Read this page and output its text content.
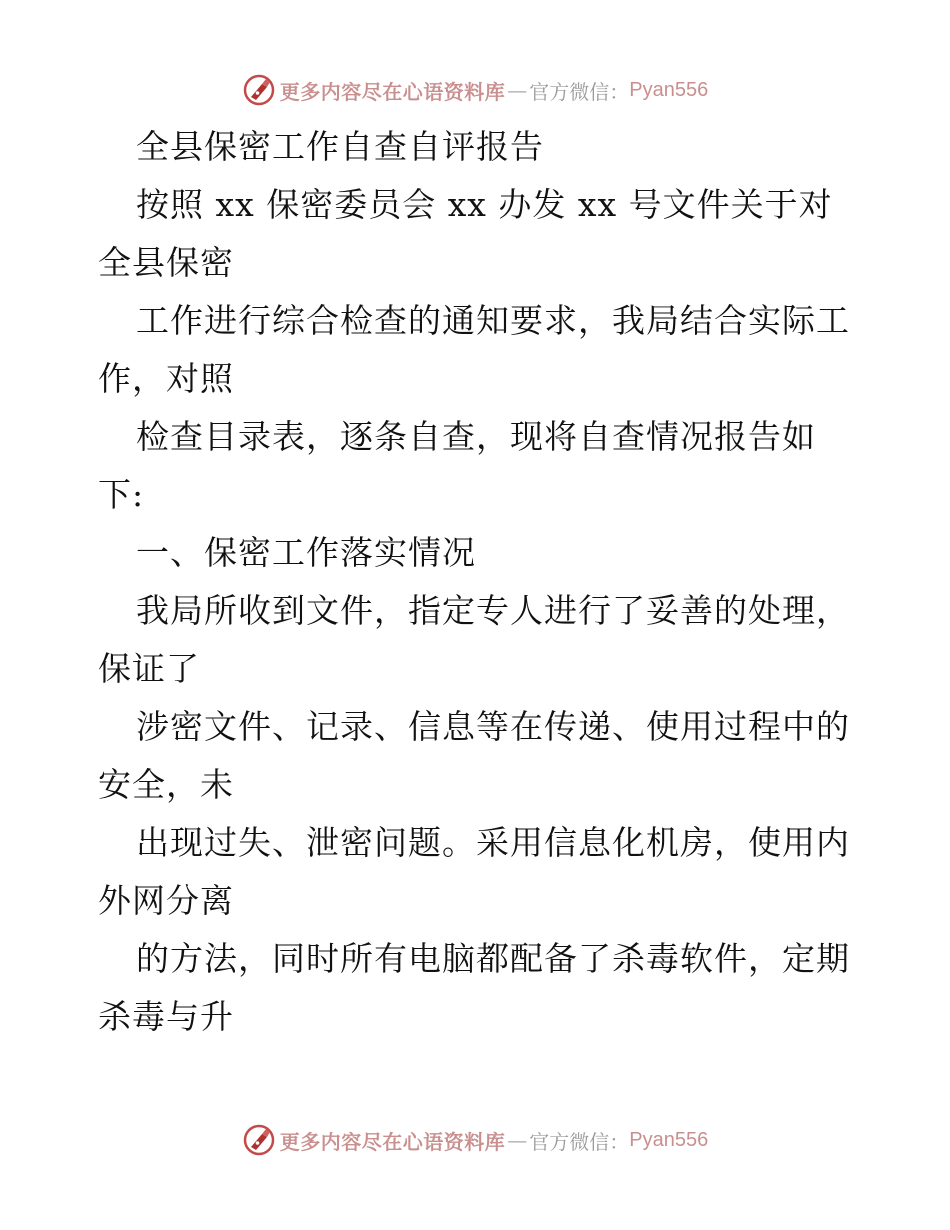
更多内容尽在心语资料库 — 官方微信： Pyan556
全县保密工作自查自评报告
按照 xx 保密委员会 xx 办发 xx 号文件关于对
全县保密
工作进行综合检查的通知要求，我局结合实际工
作，对照
检查目录表，逐条自查，现将自查情况报告如
下:
一、保密工作落实情况
我局所收到文件，指定专人进行了妥善的处理，
保证了
涉密文件、记录、信息等在传递、使用过程中的
安全，未
出现过失、泄密问题。采用信息化机房，使用内
外网分离
的方法，同时所有电脑都配备了杀毒软件，定期
杀毒与升
更多内容尽在心语资料库 — 官方微信： Pyan556
